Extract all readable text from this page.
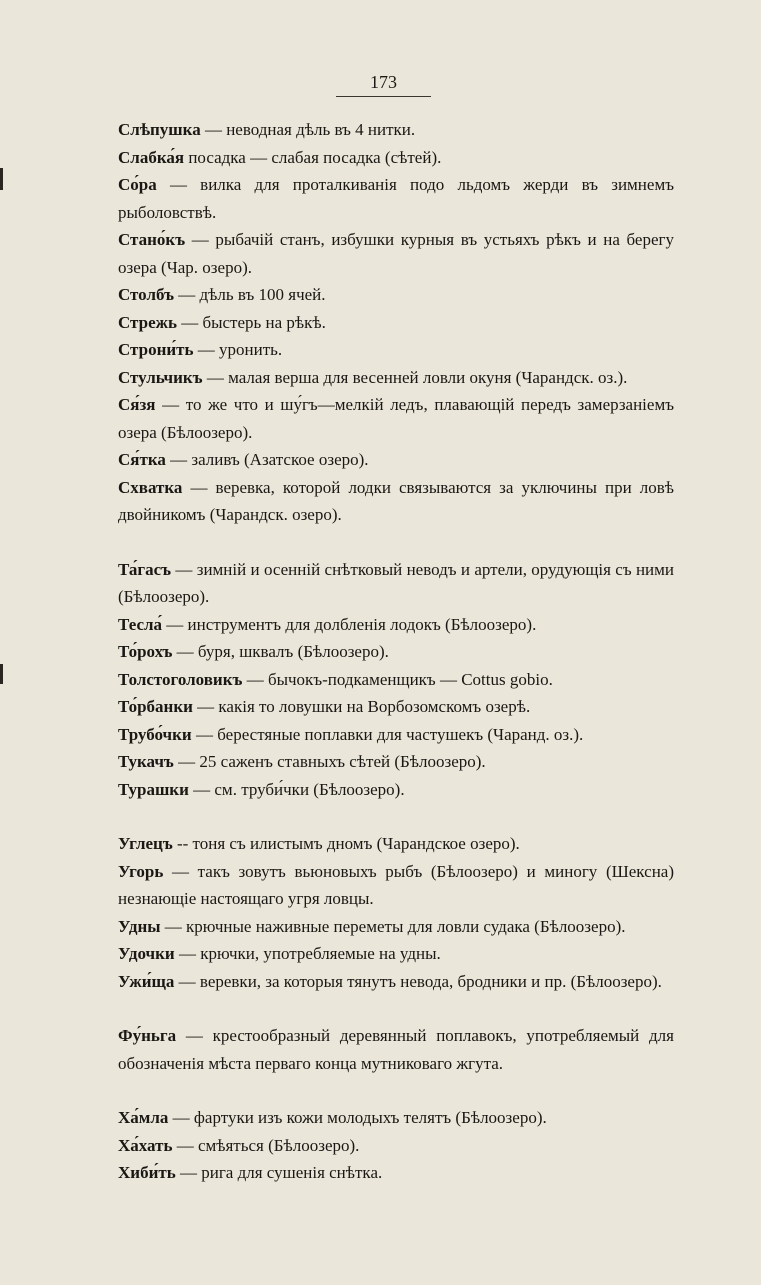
173

Слѣпушка — неводная дѣль въ 4 нитки.

Слабка́я посадка — слабая посадка (сѣтей).

Со́ра — вилка для проталкиванія подо льдомъ жерди въ зимнемъ рыболовствѣ.

Стано́къ — рыбачій станъ, избушки курныя въ устьяхъ рѣкъ и на берегу озера (Чар. озеро).

Столбъ — дѣль въ 100 ячей.

Стрежь — быстерь на рѣкѣ.

Строни́ть — уронить.

Стульчикъ — малая верша для весенней ловли окуня (Чарандск. оз.).

Ся́зя — то же что и шу́гъ—мелкій ледъ, плавающій передъ замерзаніемъ озера (Бѣлоозеро).

Ся́тка — заливъ (Азатское озеро).

Схватка — веревка, которой лодки связываются за уключины при ловѣ двойникомъ (Чарандск. озеро).

Та́гасъ — зимній и осенній снѣтковый неводъ и артели, орудующія съ ними (Бѣлоозеро).

Тесла́ — инструментъ для долбленія лодокъ (Бѣлоозеро).

То́рохъ — буря, шквалъ (Бѣлоозеро).

Толстоголовикъ — бычокъ-подкаменщикъ — Cottus gobio.

То́рбанки — какія то ловушки на Ворбозомскомъ озерѣ.

Трубо́чки — берестяные поплавки для частушекъ (Чаранд. оз.).

Тукачъ — 25 саженъ ставныхъ сѣтей (Бѣлоозеро).

Турашки — см. труби́чки (Бѣлоозеро).

Углецъ -- тоня съ илистымъ дномъ (Чарандское озеро).

Угорь — такъ зовутъ вьюновыхъ рыбъ (Бѣлоозеро) и миногу (Шексна) незнающіе настоящаго угря ловцы.

Удны — крючные наживные переметы для ловли судака (Бѣлоозеро).

Удочки — крючки, употребляемые на удны.

Ужи́ща — веревки, за которыя тянутъ невода, бродники и пр. (Бѣлоозеро).

Фу́ньга — крестообразный деревянный поплавокъ, употребляемый для обозначенія мѣста перваго конца мутниковаго жгута.

Ха́мла — фартуки изъ кожи молодыхъ телятъ (Бѣлоозеро).

Ха́хать — смѣяться (Бѣлоозеро).

Хиби́ть — рига для сушенія снѣтка.
